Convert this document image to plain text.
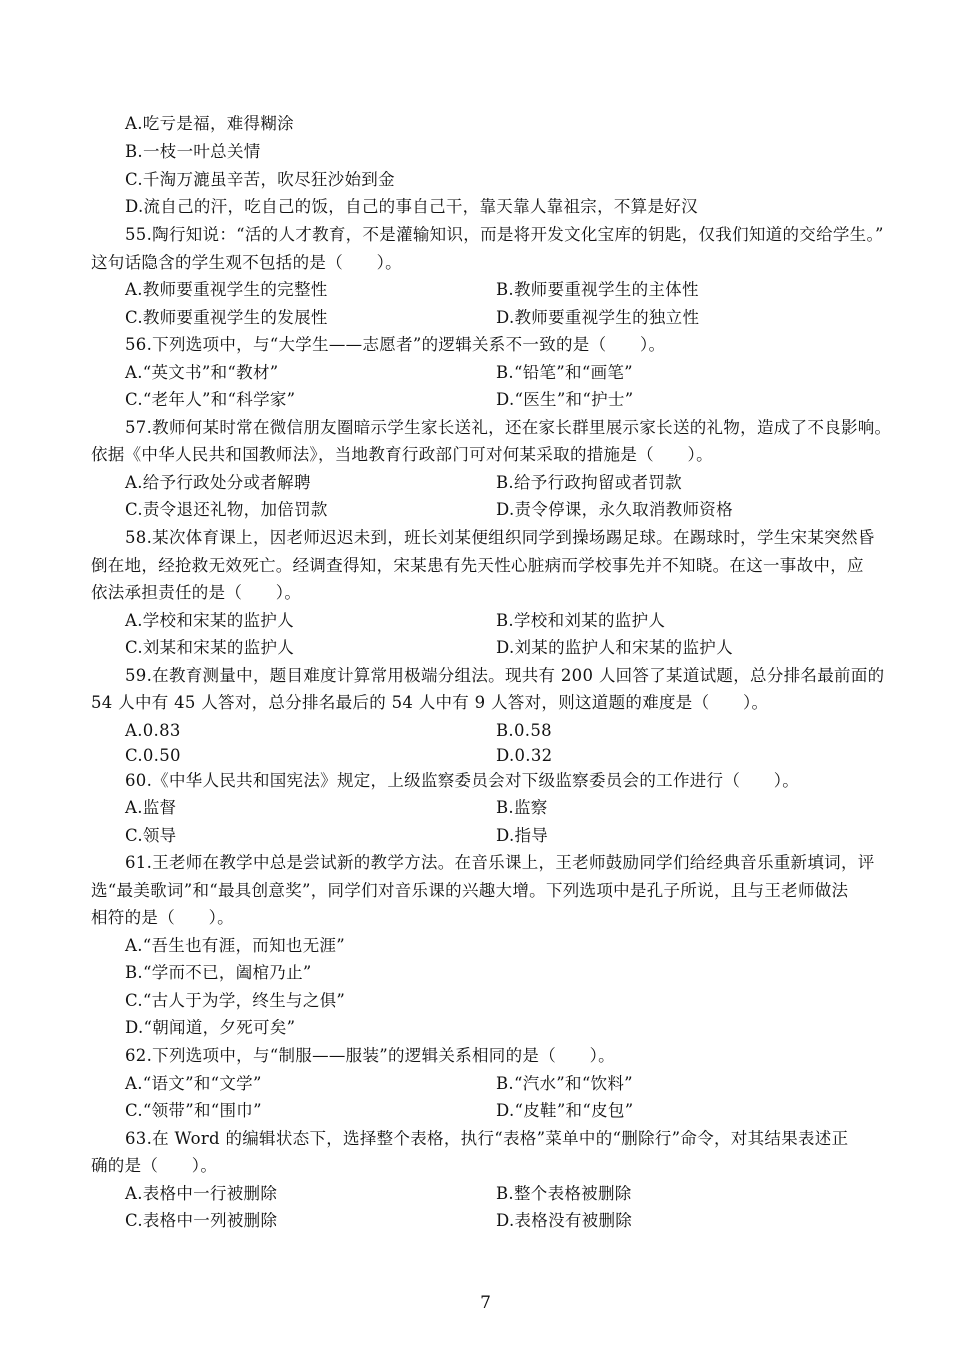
A.吃亏是福，难得糊涂
B.一枝一叶总关情
C.千淘万漉虽辛苦，吹尽狂沙始到金
D.流自己的汗，吃自己的饭，自己的事自己干，靠天靠人靠祖宗，不算是好汉
55.陶行知说：“活的人才教育，不是灌输知识，而是将开发文化宝库的钥匙，仅我们知道的交给学生。”
这句话隐含的学生观不包括的是（　　）。
A.教师要重视学生的完整性	B.教师要重视学生的主体性
C.教师要重视学生的发展性	D.教师要重视学生的独立性
56.下列选项中，与“大学生——志愿者”的逻辑关系不一致的是（　　）。
A.“英文书”和“教材”	B.“铅笔”和“画笔”
C.“老年人”和“科学家”	D.“医生”和“护士”
57.教师何某时常在微信朋友圈暗示学生家长送礼，还在家长群里展示家长送的礼物，造成了不良影响。
依据《中华人民共和国教师法》，当地教育行政部门可对何某采取的措施是（　　）。
A.给予行政处分或者解聘	B.给予行政拘留或者罚款
C.责令退还礼物，加倍罚款	D.责令停课，永久取消教师资格
58.某次体育课上，因老师迟迟未到，班长刘某便组织同学到操场踢足球。在踢球时，学生宋某突然昏
倒在地，经抢救无效死亡。经调查得知，宋某患有先天性心脏病而学校事先并不知晓。在这一事故中，应
依法承担责任的是（　　）。
A.学校和宋某的监护人	B.学校和刘某的监护人
C.刘某和宋某的监护人	D.刘某的监护人和宋某的监护人
59.在教育测量中，题目难度计算常用极端分组法。现共有 200 人回答了某道试题，总分排名最前面的
54 人中有 45 人答对，总分排名最后的 54 人中有 9 人答对，则这道题的难度是（　　）。
A.0.83	B.0.58
C.0.50	D.0.32
60.《中华人民共和国宪法》规定，上级监察委员会对下级监察委员会的工作进行（　　）。
A.监督	B.监察
C.领导	D.指导
61.王老师在教学中总是尝试新的教学方法。在音乐课上，王老师鼓励同学们给经典音乐重新填词，评
选“最美歌词”和“最具创意奖”，同学们对音乐课的兴趣大增。下列选项中是孔子所说，且与王老师做法
相符的是（　　）。
A.“吾生也有涯，而知也无涯”
B.“学而不已，阖棺乃止”
C.“古人于为学，终生与之俱”
D.“朝闻道，夕死可矣”
62.下列选项中，与“制服——服装”的逻辑关系相同的是（　　）。
A.“语文”和“文学”	B.“汽水”和“饮料”
C.“领带”和“围巾”	D.“皮鞋”和“皮包”
63.在 Word 的编辑状态下，选择整个表格，执行“表格”菜单中的“删除行”命令，对其结果表述正
确的是（　　）。
A.表格中一行被删除	B.整个表格被删除
C.表格中一列被删除	D.表格没有被删除
7
